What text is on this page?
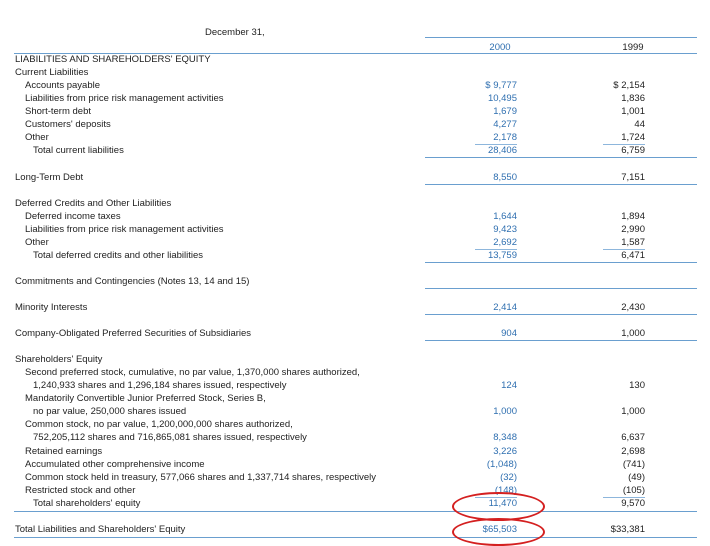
December 31,
2000	1999
LIABILITIES AND SHAREHOLDERS' EQUITY
Current Liabilities
Accounts payable	$ 9,777	$ 2,154
Liabilities from price risk management activities	10,495	1,836
Short-term debt	1,679	1,001
Customers' deposits	4,277	44
Other	2,178	1,724
Total current liabilities	28,406	6,759
Long-Term Debt	8,550	7,151
Deferred Credits and Other Liabilities
Deferred income taxes	1,644	1,894
Liabilities from price risk management activities	9,423	2,990
Other	2,692	1,587
Total deferred credits and other liabilities	13,759	6,471
Commitments and Contingencies (Notes 13, 14 and 15)
Minority Interests	2,414	2,430
Company-Obligated Preferred Securities of Subsidiaries	904	1,000
Shareholders' Equity
Second preferred stock, cumulative, no par value, 1,370,000 shares authorized,
1,240,933 shares and 1,296,184 shares issued, respectively	124	130
Mandatorily Convertible Junior Preferred Stock, Series B,
no par value, 250,000 shares issued	1,000	1,000
Common stock, no par value, 1,200,000,000 shares authorized,
752,205,112 shares and 716,865,081 shares issued, respectively	8,348	6,637
Retained earnings	3,226	2,698
Accumulated other comprehensive income	(1,048)	(741)
Common stock held in treasury, 577,066 shares and 1,337,714 shares, respectively	(32)	(49)
Restricted stock and other	(148)	(105)
Total shareholders' equity	11,470	9,570
Total Liabilities and Shareholders' Equity	$65,503	$33,381
